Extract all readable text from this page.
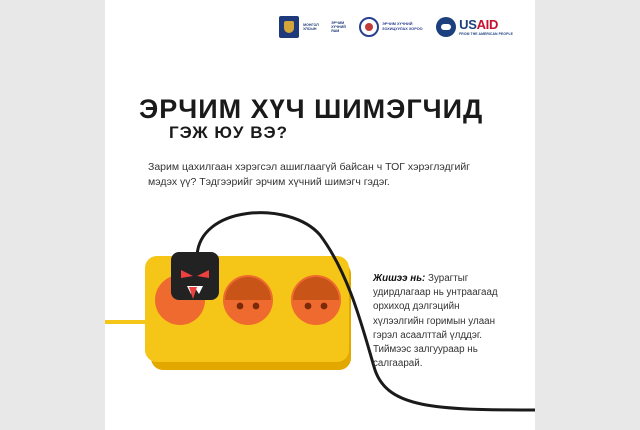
МОНГОЛ УЛСЫН
ЭРЧИМ ХҮЧНИЙ ЯАМ
ЭРЧИМ ХҮЧНИЙ ЗОХИЦУУЛАХ ХОРОО	USAID
FROM THE AMERICAN PEOPLE
ЭРЧИМ ХҮЧ ШИМЭГЧИД
ГЭЖ ЮУ ВЭ?

Зарим цахилгаан хэрэгсэл ашиглаагүй байсан ч ТОГ хэрэглэдгийг мэдэх үү? Тэдгээрийг эрчим хүчний шимэгч гэдэг.

Жишээ нь: Зурагтыг удирдлагаар нь унтраагаад орхиход дэлгэцийн хүлээлгийн горимын улаан гэрэл асаалттай үлддэг. Тиймээс залгуураар нь салгаарай.
